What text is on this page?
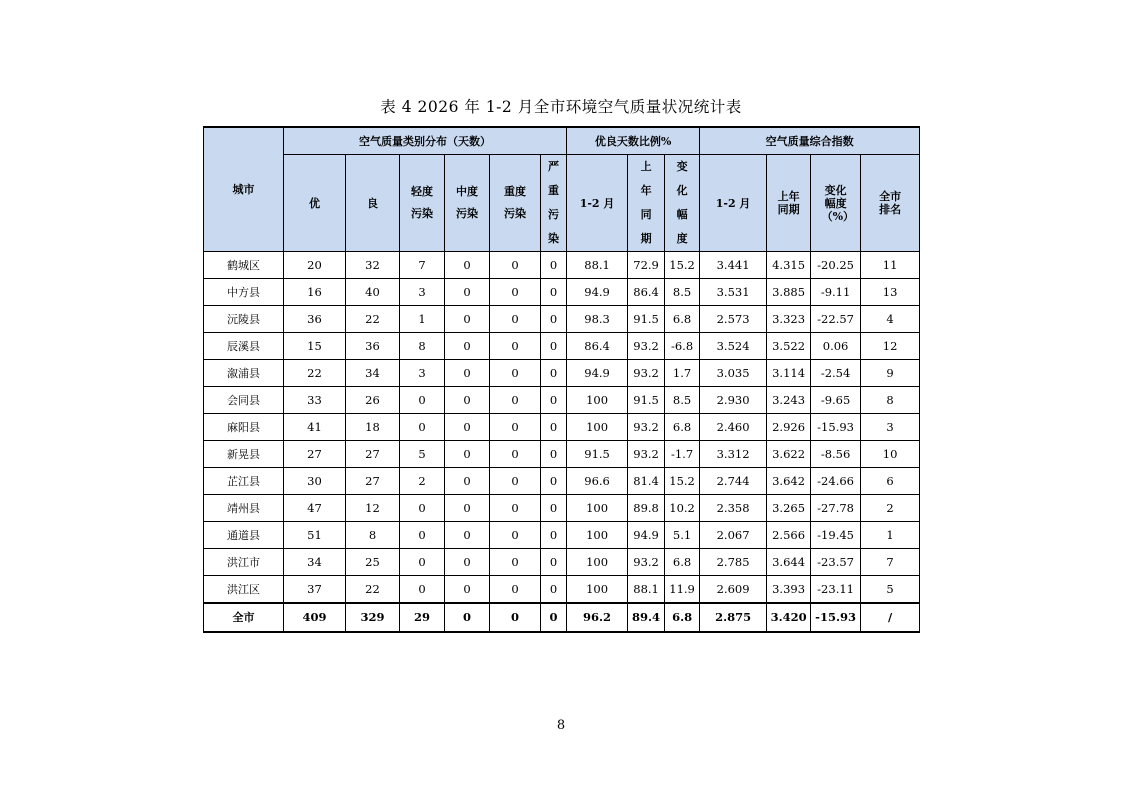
表 4 2026 年 1-2 月全市环境空气质量状况统计表
城市	空气质量类别分布（天数）						优良天数比例%			空气质量综合指数			
	优	良	轻度污染	中度污染	重度污染	严重污染	1-2 月	上年同期	变化幅度	1-2 月	上年同期	变化幅度（%）	全市排名
鹤城区	20	32	7	0	0	0	88.1	72.9	15.2	3.441	4.315	-20.25	11
中方县	16	40	3	0	0	0	94.9	86.4	8.5	3.531	3.885	-9.11	13
沅陵县	36	22	1	0	0	0	98.3	91.5	6.8	2.573	3.323	-22.57	4
辰溪县	15	36	8	0	0	0	86.4	93.2	-6.8	3.524	3.522	0.06	12
溆浦县	22	34	3	0	0	0	94.9	93.2	1.7	3.035	3.114	-2.54	9
会同县	33	26	0	0	0	0	100	91.5	8.5	2.930	3.243	-9.65	8
麻阳县	41	18	0	0	0	0	100	93.2	6.8	2.460	2.926	-15.93	3
新晃县	27	27	5	0	0	0	91.5	93.2	-1.7	3.312	3.622	-8.56	10
芷江县	30	27	2	0	0	0	96.6	81.4	15.2	2.744	3.642	-24.66	6
靖州县	47	12	0	0	0	0	100	89.8	10.2	2.358	3.265	-27.78	2
通道县	51	8	0	0	0	0	100	94.9	5.1	2.067	2.566	-19.45	1
洪江市	34	25	0	0	0	0	100	93.2	6.8	2.785	3.644	-23.57	7
洪江区	37	22	0	0	0	0	100	88.1	11.9	2.609	3.393	-23.11	5
全市	409	329	29	0	0	0	96.2	89.4	6.8	2.875	3.420	-15.93	/
8
